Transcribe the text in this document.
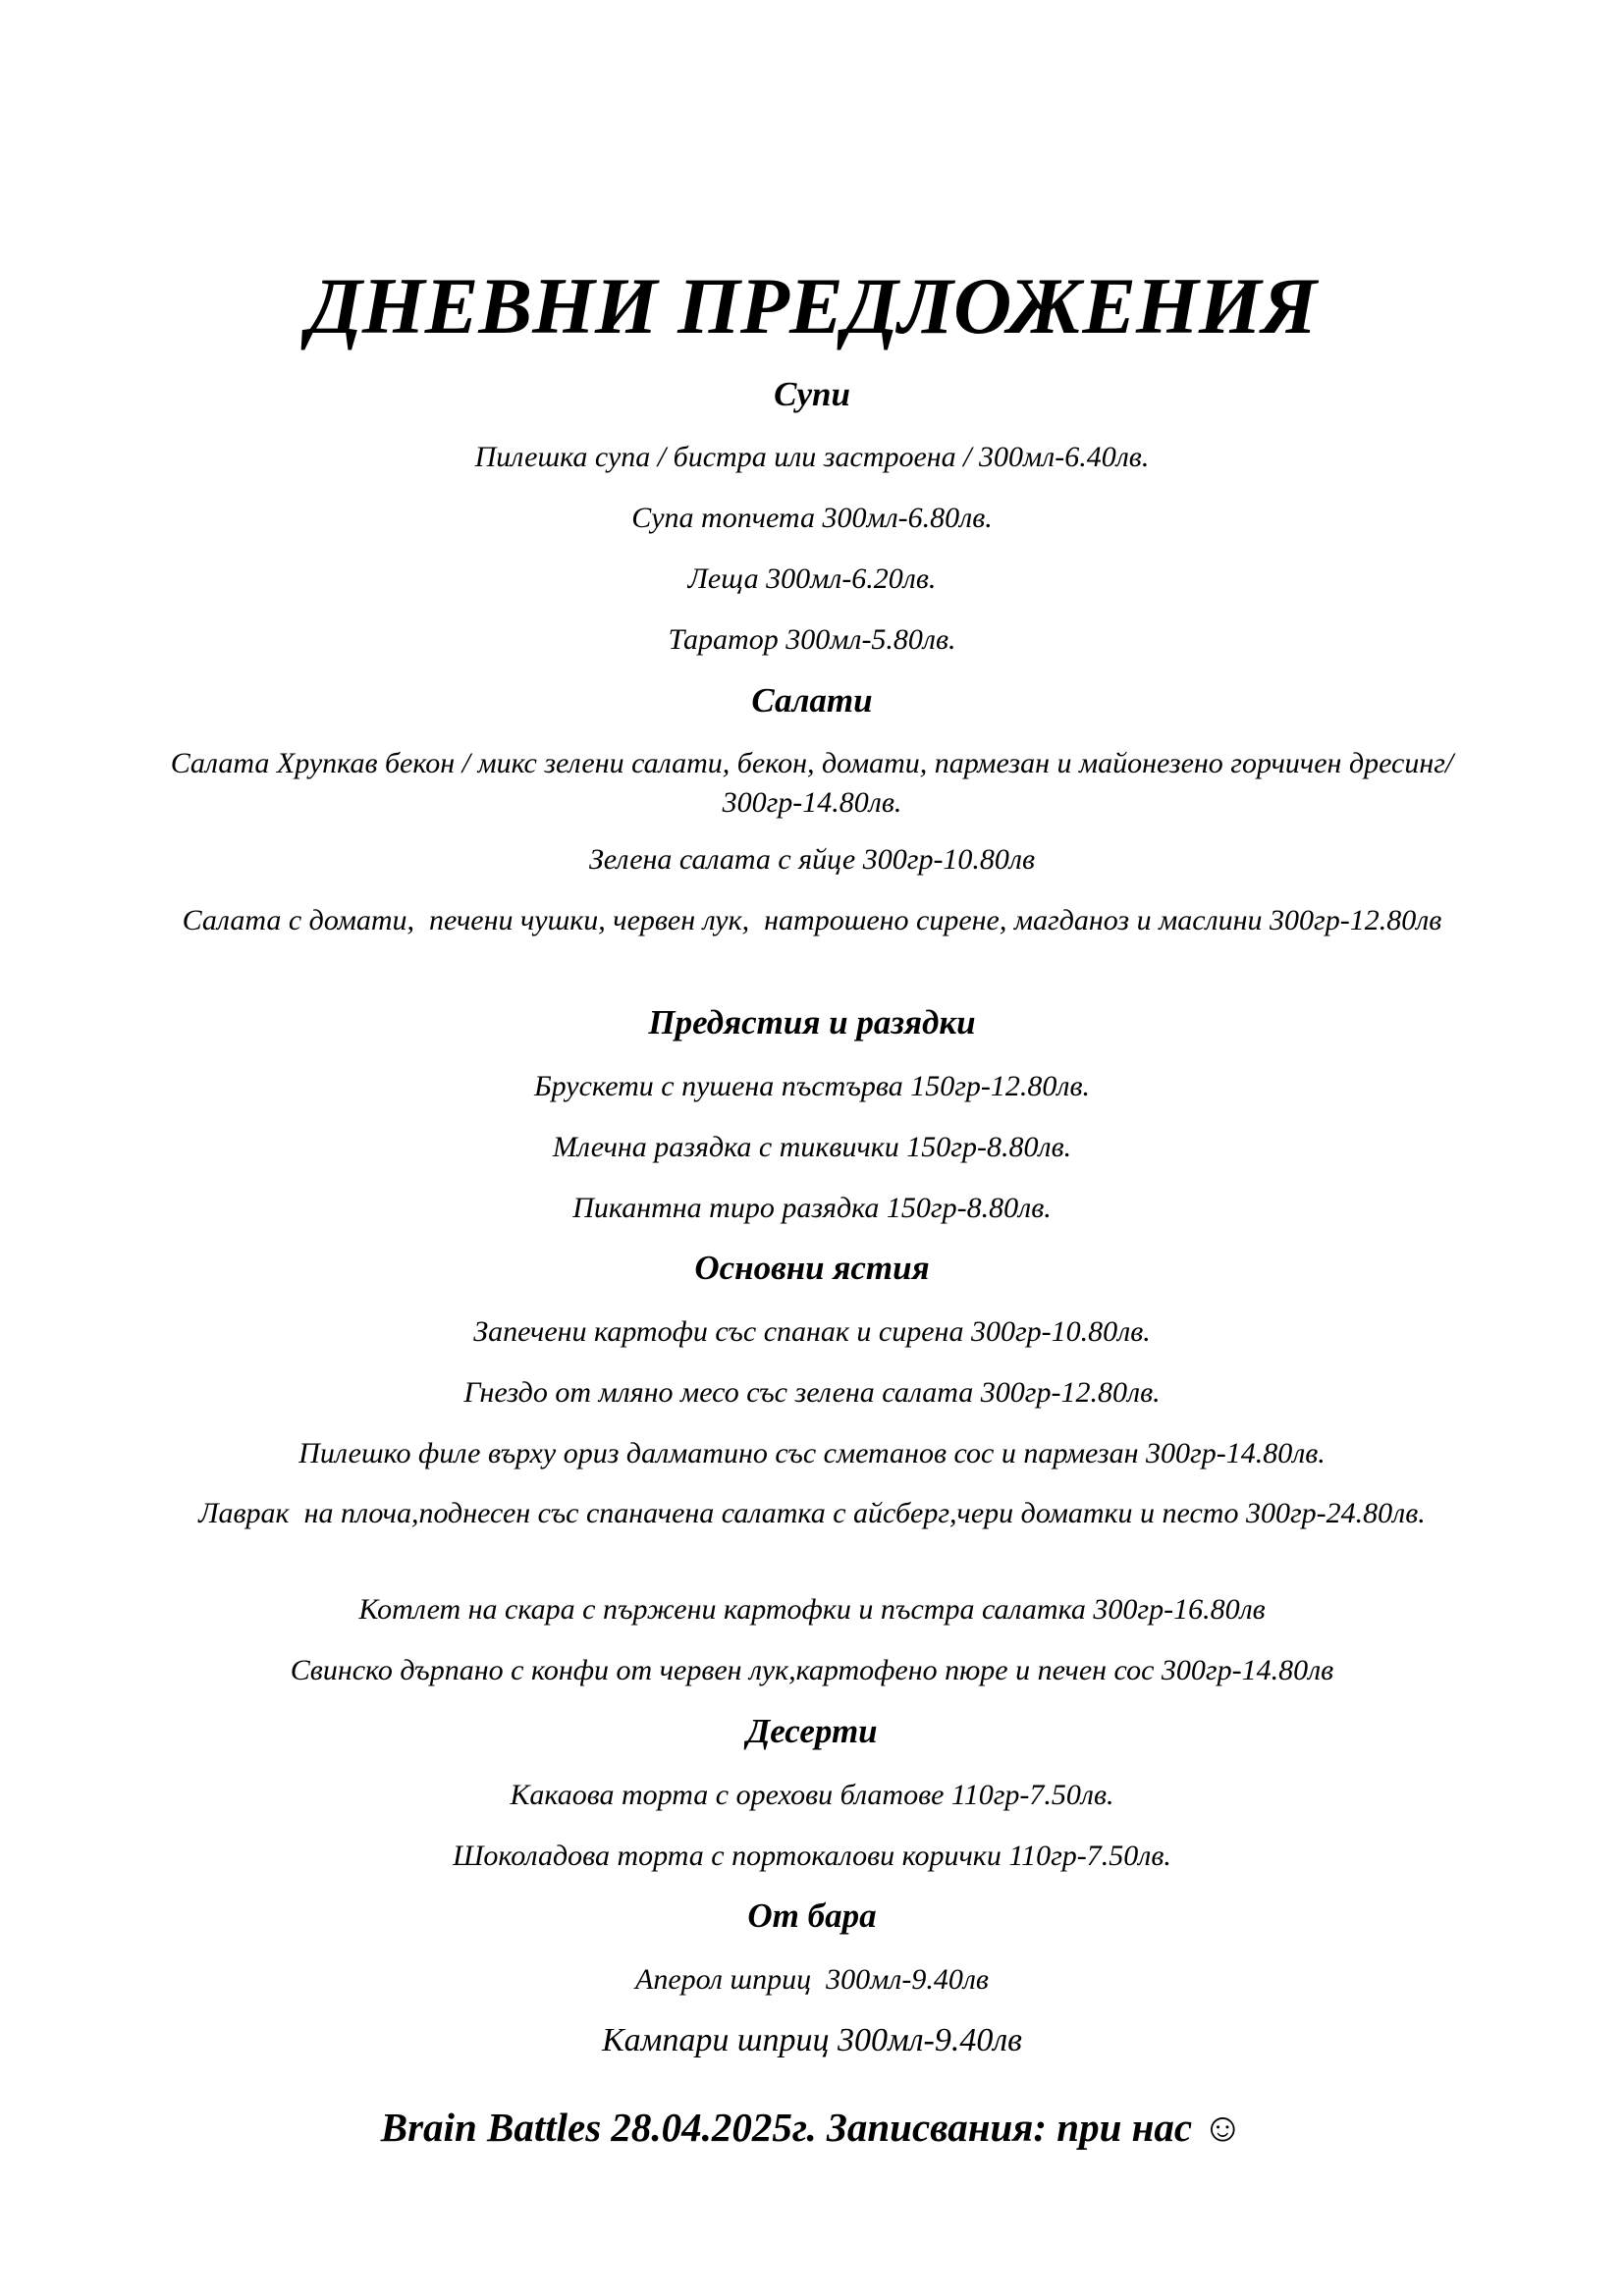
ДНЕВНИ ПРЕДЛОЖЕНИЯ

Супи

Пилешка супа / бистра или застроена / 300мл-6.40лв.

Супа топчета 300мл-6.80лв.

Леща 300мл-6.20лв.

Таратор 300мл-5.80лв.

Салати

Салата Хрупкав бекон / микс зелени салати, бекон, домати, пармезан и майонезено горчичен дресинг/  300гр-14.80лв.

Зелена салата с яйце 300гр-10.80лв

Салата с домати,  печени чушки, червен лук,  натрошено сирене, магданоз и маслини 300гр-12.80лв

Предястия и разядки

Брускети с пушена пъстърва 150гр-12.80лв.

Млечна разядка с тиквички 150гр-8.80лв.

Пикантна тиро разядка 150гр-8.80лв.

Основни ястия

Запечени картофи със спанак и сирена 300гр-10.80лв.

Гнездо от мляно месо със зелена салата 300гр-12.80лв.

Пилешко филе върху ориз далматино със сметанов сос и пармезан 300гр-14.80лв.

Лаврак  на плоча,поднесен със спаначена салатка с айсберг,чери доматки и песто 300гр-24.80лв.

Котлет на скара с пържени картофки и пъстра салатка 300гр-16.80лв

Свинско дърпано с конфи от червен лук,картофено пюре и печен сос 300гр-14.80лв

Десерти

Какаова торта с орехови блатове 110гр-7.50лв.

Шоколадова торта с портокалови корички 110гр-7.50лв.

От бара

Аперол шприц  300мл-9.40лв

Кампари шприц 300мл-9.40лв

Brain Battles 28.04.2025г. Записвания: при нас ☺
